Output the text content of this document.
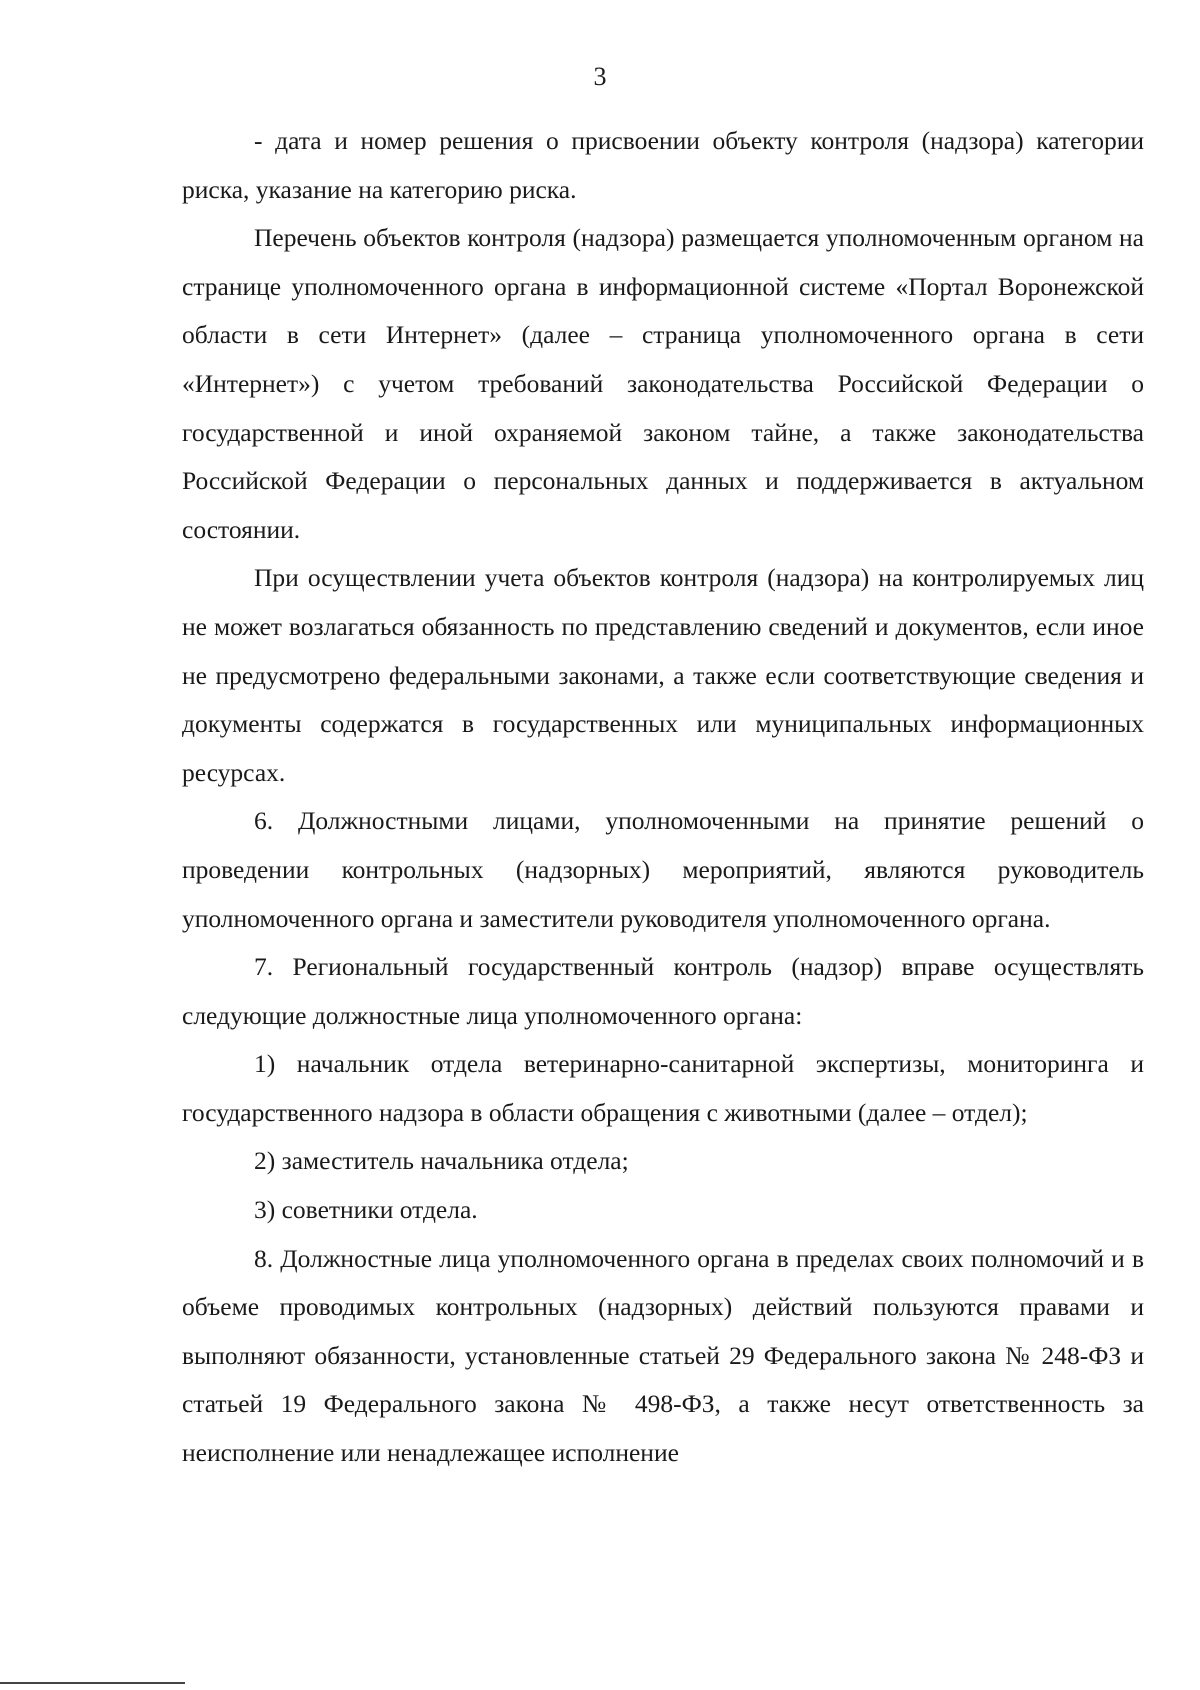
3

- дата и номер решения о присвоении объекту контроля (надзора) категории риска, указание на категорию риска.

Перечень объектов контроля (надзора) размещается уполномоченным органом на странице уполномоченного органа в информационной системе «Портал Воронежской области в сети Интернет» (далее – страница уполномоченного органа в сети «Интернет») с учетом требований законодательства Российской Федерации о государственной и иной охраняемой законом тайне, а также законодательства Российской Федерации о персональных данных и поддерживается в актуальном состоянии.

При осуществлении учета объектов контроля (надзора) на контролируемых лиц не может возлагаться обязанность по представлению сведений и документов, если иное не предусмотрено федеральными законами, а также если соответствующие сведения и документы содержатся в государственных или муниципальных информационных ресурсах.

6. Должностными лицами, уполномоченными на принятие решений о проведении контрольных (надзорных) мероприятий, являются руководитель уполномоченного органа и заместители руководителя уполномоченного органа.

7. Региональный государственный контроль (надзор) вправе осуществлять следующие должностные лица уполномоченного органа:

1) начальник отдела ветеринарно-санитарной экспертизы, мониторинга и государственного надзора в области обращения с животными (далее – отдел);

2) заместитель начальника отдела;

3) советники отдела.

8. Должностные лица уполномоченного органа в пределах своих полномочий и в объеме проводимых контрольных (надзорных) действий пользуются правами и выполняют обязанности, установленные статьей 29 Федерального закона № 248-ФЗ и статьей 19 Федерального закона № 498-ФЗ, а также несут ответственность за неисполнение или ненадлежащее исполнение
